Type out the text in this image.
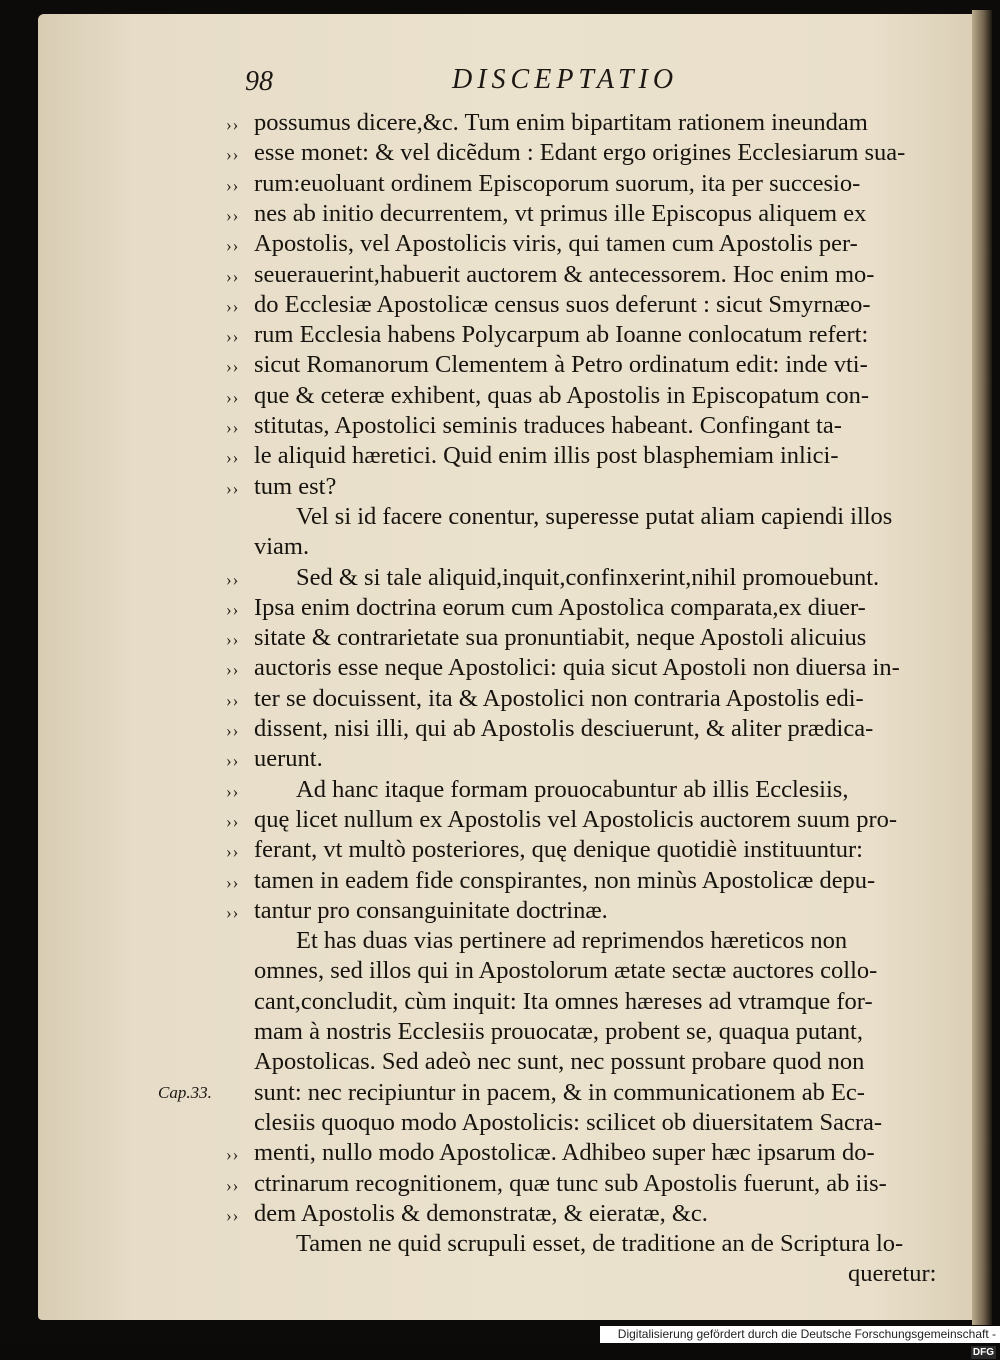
98	DISCEPTATIO
Cap.33.
›› possumus dicere,&c. Tum enim bipartitam rationem ineundam
›› esse monet: & vel dicẽdum : Edant ergo origines Ecclesiarum sua-
›› rum:euoluant ordinem Episcoporum suorum, ita per succesio-
›› nes ab initio decurrentem, vt primus ille Episcopus aliquem ex
›› Apostolis, vel Apostolicis viris, qui tamen cum Apostolis per-
›› seuerauerint,habuerit auctorem & antecessorem. Hoc enim mo-
›› do Ecclesiæ Apostolicæ census suos deferunt : sicut Smyrnæo-
›› rum Ecclesia habens Polycarpum ab Ioanne conlocatum refert:
›› sicut Romanorum Clementem à Petro ordinatum edit: inde vti-
›› que & ceteræ exhibent, quas ab Apostolis in Episcopatum con-
›› stitutas, Apostolici seminis traduces habeant. Confingant ta-
›› le aliquid hæretici. Quid enim illis post blasphemiam inlici-
›› tum est?
Vel si id facere conentur, superesse putat aliam capiendi illos
viam.
›› Sed & si tale aliquid,inquit,confinxerint,nihil promouebunt.
›› Ipsa enim doctrina eorum cum Apostolica comparata,ex diuer-
›› sitate & contrarietate sua pronuntiabit, neque Apostoli alicuius
›› auctoris esse neque Apostolici: quia sicut Apostoli non diuersa in-
›› ter se docuissent, ita & Apostolici non contraria Apostolis edi-
›› dissent, nisi illi, qui ab Apostolis desciuerunt, & aliter prædica-
›› uerunt.
›› Ad hanc itaque formam prouocabuntur ab illis Ecclesiis,
›› quę licet nullum ex Apostolis vel Apostolicis auctorem suum pro-
›› ferant, vt multò posteriores, quę denique quotidiè instituuntur:
›› tamen in eadem fide conspirantes, non minùs Apostolicæ depu-
›› tantur pro consanguinitate doctrinæ.
Et has duas vias pertinere ad reprimendos hæreticos non
omnes, sed illos qui in Apostolorum ætate sectæ auctores collo-
cant,concludit, cùm inquit: Ita omnes hæreses ad vtramque for-
mam à nostris Ecclesiis prouocatæ, probent se, quaqua putant,
Apostolicas. Sed adeò nec sunt, nec possunt probare quod non
sunt: nec recipiuntur in pacem, & in communicationem ab Ec-
clesiis quoquo modo Apostolicis: scilicet ob diuersitatem Sacra-
›› menti, nullo modo Apostolicæ. Adhibeo super hæc ipsarum do-
›› ctrinarum recognitionem, quæ tunc sub Apostolis fuerunt, ab iis-
›› dem Apostolis & demonstratæ, & eieratæ, &c.
Tamen ne quid scrupuli esset, de traditione an de Scriptura lo-
queretur:
Digitalisierung gefördert durch die Deutsche Forschungsgemeinschaft -DFG
